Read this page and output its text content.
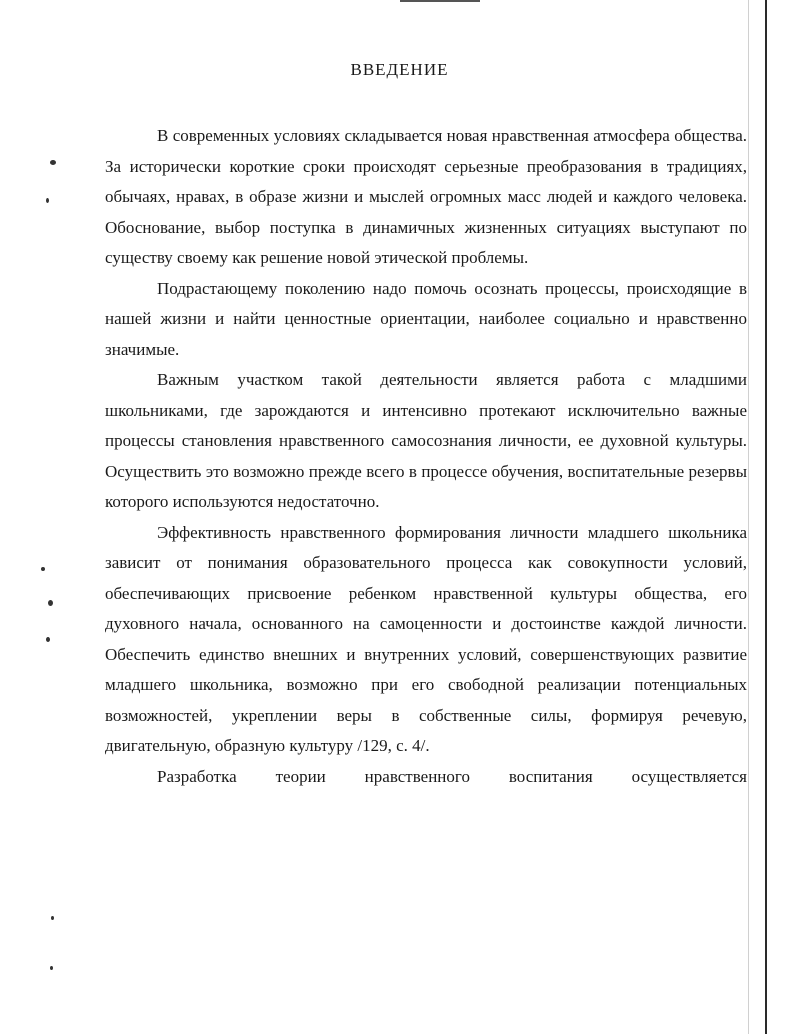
ВВЕДЕНИЕ

В современных условиях складывается новая нравственная атмосфера общества. За исторически короткие сроки происходят серьезные преобразования в традициях, обычаях, нравах, в образе жизни и мыслей огромных масс людей и каждого человека. Обоснование, выбор поступка в динамичных жизненных ситуациях выступают по существу своему как решение новой этической проблемы.

Подрастающему поколению надо помочь осознать процессы, происходящие в нашей жизни и найти ценностные ориентации, наиболее социально и нравственно значимые.

Важным участком такой деятельности является работа с младшими школьниками, где зарождаются и интенсивно протекают исключительно важные процессы становления нравственного самосознания личности, ее духовной культуры. Осуществить это возможно прежде всего в процессе обучения, воспитательные резервы которого используются недостаточно.

Эффективность нравственного формирования личности младшего школьника зависит от понимания образовательного процесса как совокупности условий, обеспечивающих присвоение ребенком нравственной культуры общества, его духовного начала, основанного на самоценности и достоинстве каждой личности. Обеспечить единство внешних и внутренних условий, совершенствующих развитие младшего школьника, возможно при его свободной реализации потенциальных возможностей, укреплении веры в собственные силы, формируя речевую, двигательную, образную культуру /129, с. 4/.

Разработка теории нравственного воспитания осуществляется
